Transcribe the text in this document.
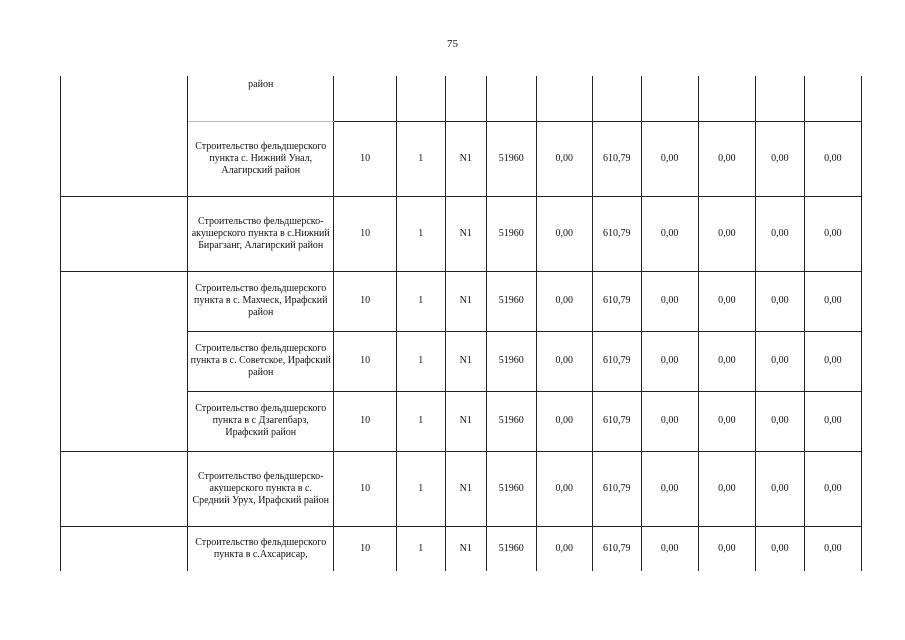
75
	район										
	Строительство фельдшерского пункта с. Нижний Унал, Алагирский район	10	1	N1	51960	0,00	610,79	0,00	0,00	0,00	0,00
	Строительство фельдшерско-акушерского пункта в с.Нижний Бирагзанг, Алагирский район	10	1	N1	51960	0,00	610,79	0,00	0,00	0,00	0,00
	Строительство фельдшерского пункта в с. Махческ, Ирафский район	10	1	N1	51960	0,00	610,79	0,00	0,00	0,00	0,00
	Строительство фельдшерского пункта в с. Советское, Ирафский район	10	1	N1	51960	0,00	610,79	0,00	0,00	0,00	0,00
	Строительство фельдшерского пункта в с Дзагепбарз, Ирафский район	10	1	N1	51960	0,00	610,79	0,00	0,00	0,00	0,00
	Строительство фельдшерско-акушерского пункта в с. Средний Урух, Ирафский район	10	1	N1	51960	0,00	610,79	0,00	0,00	0,00	0,00
	Строительство фельдшерского пункта в с.Ахсарисар,	10	1	N1	51960	0,00	610,79	0,00	0,00	0,00	0,00
